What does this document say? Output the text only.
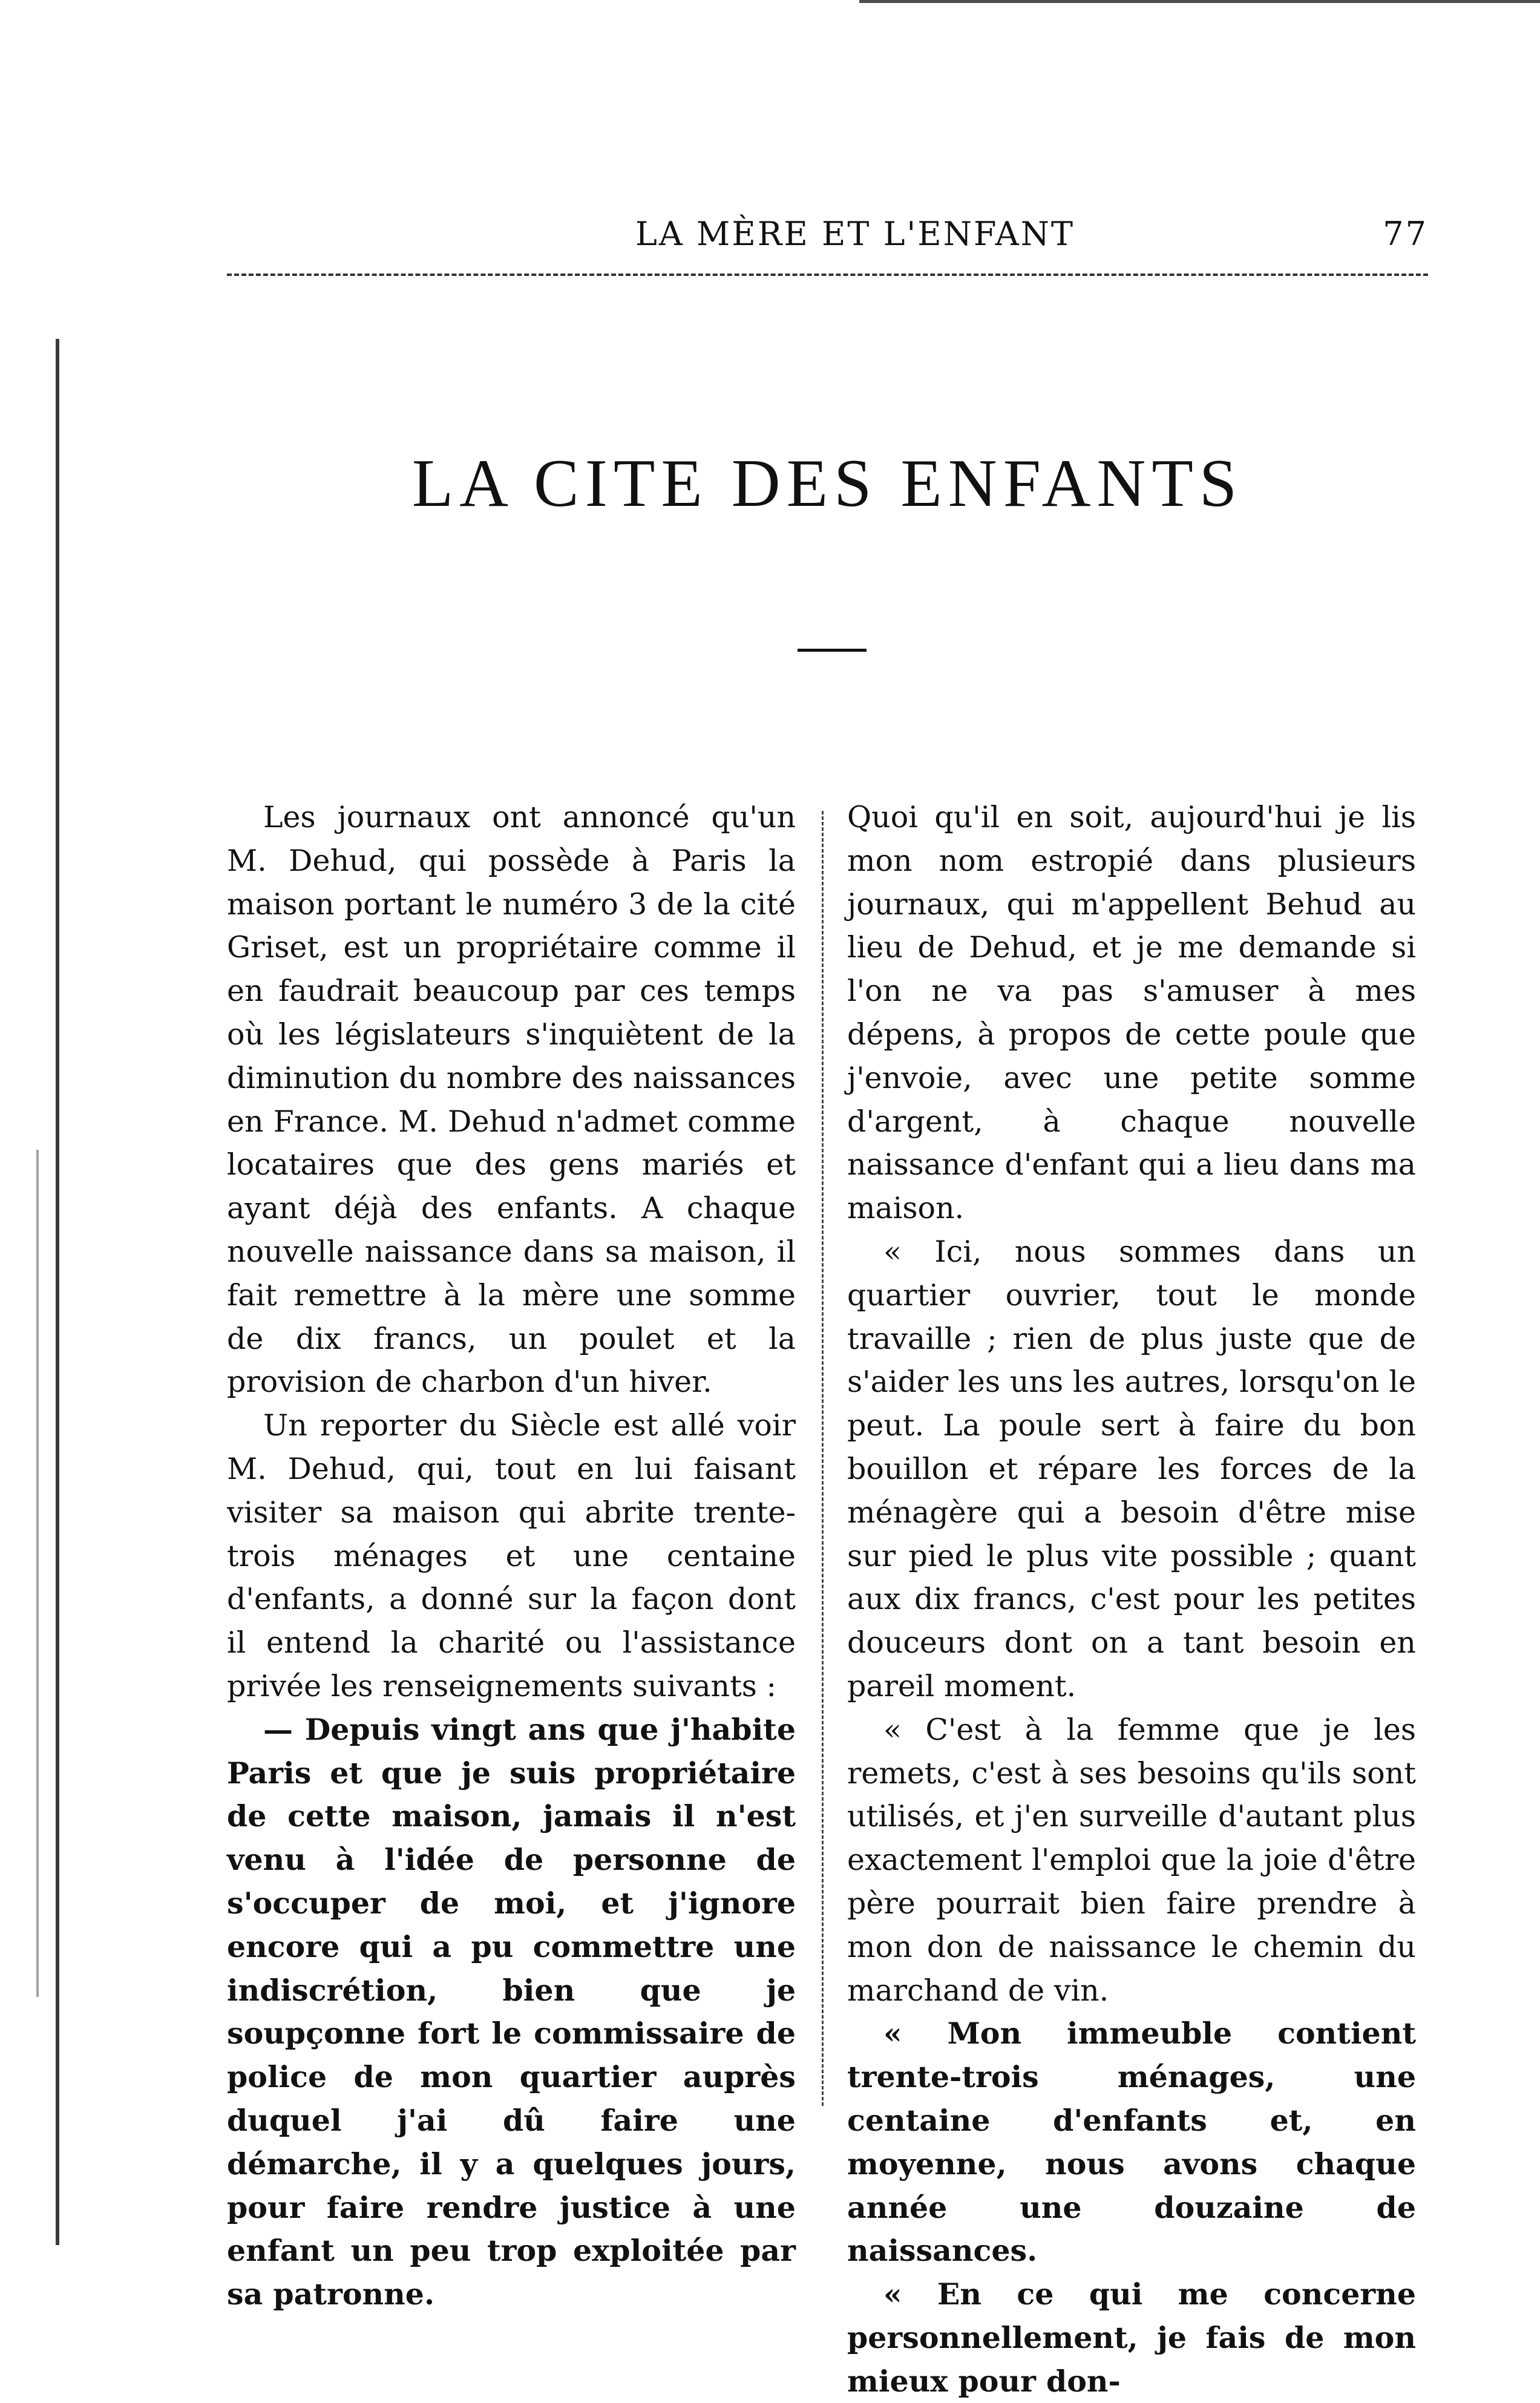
LA MÈRE ET L'ENFANT	77
LA CITE DES ENFANTS

Les journaux ont annoncé qu'un M. Dehud, qui possède à Paris la maison portant le numéro 3 de la cité Griset, est un propriétaire comme il en faudrait beaucoup par ces temps où les législateurs s'inquiètent de la diminution du nombre des naissances en France. M. Dehud n'admet comme locataires que des gens mariés et ayant déjà des enfants. A chaque nouvelle naissance dans sa maison, il fait remettre à la mère une somme de dix francs, un poulet et la provision de charbon d'un hiver.

Un reporter du Siècle est allé voir M. Dehud, qui, tout en lui faisant visiter sa maison qui abrite trente-trois ménages et une centaine d'enfants, a donné sur la façon dont il entend la charité ou l'assistance privée les renseignements suivants :

— Depuis vingt ans que j'habite Paris et que je suis propriétaire de cette maison, jamais il n'est venu à l'idée de personne de s'occuper de moi, et j'ignore encore qui a pu commettre une indiscrétion, bien que je soupçonne fort le commissaire de police de mon quartier auprès duquel j'ai dû faire une démarche, il y a quelques jours, pour faire rendre justice à une enfant un peu trop exploitée par sa patronne.

Quoi qu'il en soit, aujourd'hui je lis mon nom estropié dans plusieurs journaux, qui m'appellent Behud au lieu de Dehud, et je me demande si l'on ne va pas s'amuser à mes dépens, à propos de cette poule que j'envoie, avec une petite somme d'argent, à chaque nouvelle naissance d'enfant qui a lieu dans ma maison.

« Ici, nous sommes dans un quartier ouvrier, tout le monde travaille ; rien de plus juste que de s'aider les uns les autres, lorsqu'on le peut. La poule sert à faire du bon bouillon et répare les forces de la ménagère qui a besoin d'être mise sur pied le plus vite possible ; quant aux dix francs, c'est pour les petites douceurs dont on a tant besoin en pareil moment.

« C'est à la femme que je les remets, c'est à ses besoins qu'ils sont utilisés, et j'en surveille d'autant plus exactement l'emploi que la joie d'être père pourrait bien faire prendre à mon don de naissance le chemin du marchand de vin.

« Mon immeuble contient trente-trois ménages, une centaine d'enfants et, en moyenne, nous avons chaque année une douzaine de naissances.

« En ce qui me concerne personnellement, je fais de mon mieux pour don-
